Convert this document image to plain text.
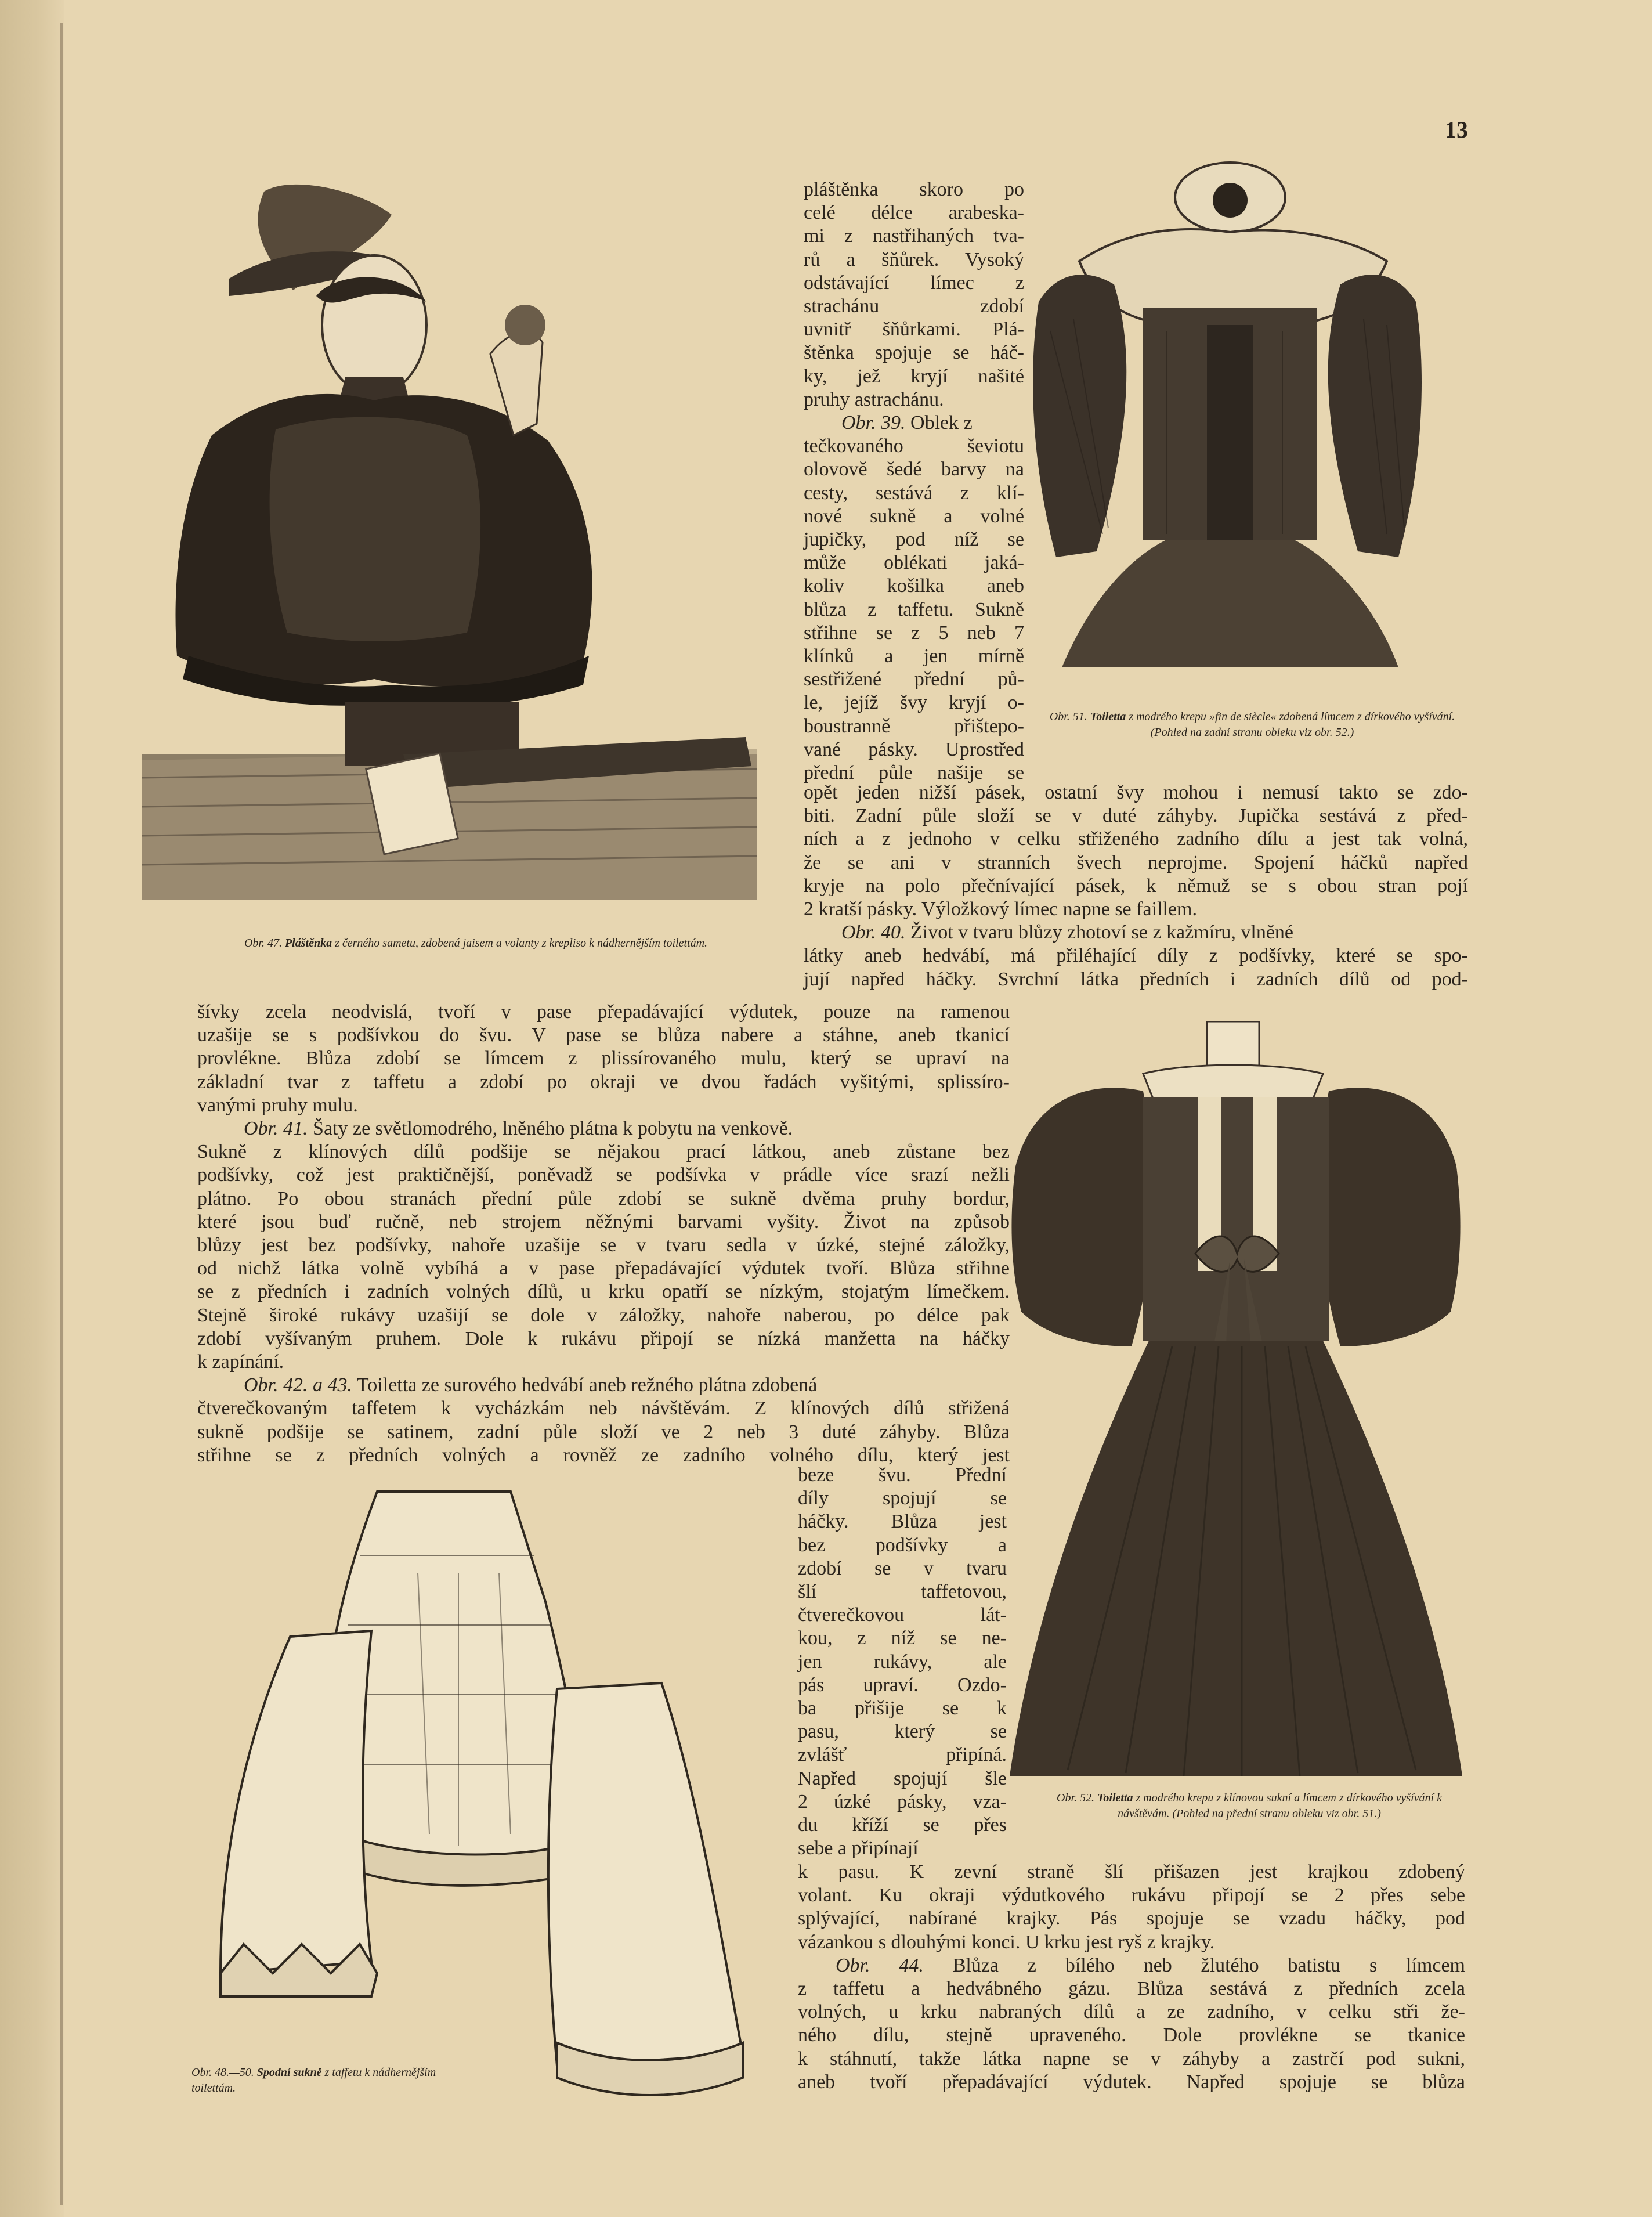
13
Obr. 47. Pláštěnka z černého sametu, zdobená jaisem a volanty z krepliso k nádhernějším toilettám.
Obr. 51. Toiletta z modrého krepu »fin de siècle« zdobená límcem z dírkového vyšívání. (Pohled na zadní stranu obleku viz obr. 52.)
Obr. 52. Toiletta z modrého krepu z klínovou sukní a límcem z dírkového vyšívání k návštěvám. (Pohled na přední stranu obleku viz obr. 51.)
Obr. 48.—50. Spodní sukně z taffetu k nádhernějším toilettám.
pláštěnka skoro po
celé délce arabeska-
mi z nastřihaných tva-
rů a šňůrek. Vysoký
odstávající límec z
strachánu zdobí
uvnitř šňůrkami. Plá-
štěnka spojuje se háč-
ky, jež kryjí našité
pruhy astrachánu.
Obr. 39. Oblek z
tečkovaného ševiotu
olovově šedé barvy na
cesty, sestává z klí-
nové sukně a volné
jupičky, pod níž se
může oblékati jaká-
koliv košilka aneb
blůza z taffetu. Sukně
střihne se z 5 neb 7
klínků a jen mírně
sestřižené přední pů-
le, jejíž švy kryjí o-
boustranně přištepo-
vané pásky. Uprostřed
přední půle našije se
opět jeden nižší pásek, ostatní švy mohou i nemusí takto se zdo-
biti. Zadní půle složí se v duté záhyby. Jupička sestává z před-
ních a z jednoho v celku střiženého zadního dílu a jest tak volná,
že se ani v stranních švech neprojme. Spojení háčků napřed
kryje na polo přečnívající pásek, k němuž se s obou stran pojí
2 kratší pásky. Výložkový límec napne se faillem.
Obr. 40. Život v tvaru blůzy zhotoví se z kažmíru, vlněné
látky aneb hedvábí, má přiléhající díly z podšívky, které se spo-
jují napřed háčky. Svrchní látka předních i zadních dílů od pod-
šívky zcela neodvislá, tvoří v pase přepadávající výdutek, pouze na ramenou
uzašije se s podšívkou do švu. V pase se blůza nabere a stáhne, aneb tkanicí
provlékne. Blůza zdobí se límcem z plissírovaného mulu, který se upraví na
základní tvar z taffetu a zdobí po okraji ve dvou řadách vyšitými, splissíro-
vanými pruhy mulu.
Obr. 41. Šaty ze světlomodrého, lněného plátna k pobytu na venkově.
Sukně z klínových dílů podšije se nějakou prací látkou, aneb zůstane bez
podšívky, což jest praktičnější, poněvadž se podšívka v prádle více srazí nežli
plátno. Po obou stranách přední půle zdobí se sukně dvěma pruhy bordur,
které jsou buď ručně, neb strojem něžnými barvami vyšity. Život na způsob
blůzy jest bez podšívky, nahoře uzašije se v tvaru sedla v úzké, stejné záložky,
od nichž látka volně vybíhá a v pase přepadávající výdutek tvoří. Blůza střihne
se z předních i zadních volných dílů, u krku opatří se nízkým, stojatým límečkem.
Stejně široké rukávy uzašijí se dole v záložky, nahoře naberou, po délce pak
zdobí vyšívaným pruhem. Dole k rukávu připojí se nízká manžetta na háčky
k zapínání.
Obr. 42. a 43. Toiletta ze surového hedvábí aneb režného plátna zdobená
čtverečkovaným taffetem k vycházkám neb návštěvám. Z klínových dílů střižená
sukně podšije se satinem, zadní půle složí ve 2 neb 3 duté záhyby. Blůza
střihne se z předních volných a rovněž ze zadního volného dílu, který jest
beze švu. Přední
díly spojují se
háčky. Blůza jest
bez podšívky a
zdobí se v tvaru
šlí taffetovou,
čtverečkovou lát-
kou, z níž se ne-
jen rukávy, ale
pás upraví. Ozdo-
ba přišije se k
pasu, který se
zvlášť připíná.
Napřed spojují šle
2 úzké pásky, vza-
du kříží se přes
sebe a připínají
k pasu. K zevní straně šlí přišazen jest krajkou zdobený
volant. Ku okraji výdutkového rukávu připojí se 2 přes sebe
splývající, nabírané krajky. Pás spojuje se vzadu háčky, pod
vázankou s dlouhými konci. U krku jest ryš z krajky.
Obr. 44. Blůza z bílého neb žlutého batistu s límcem
z taffetu a hedvábného gázu. Blůza sestává z předních zcela
volných, u krku nabraných dílů a ze zadního, v celku stři že-
ného dílu, stejně upraveného. Dole provlékne se tkanice
k stáhnutí, takže látka napne se v záhyby a zastrčí pod sukni,
aneb tvoří přepadávající výdutek. Napřed spojuje se blůza
